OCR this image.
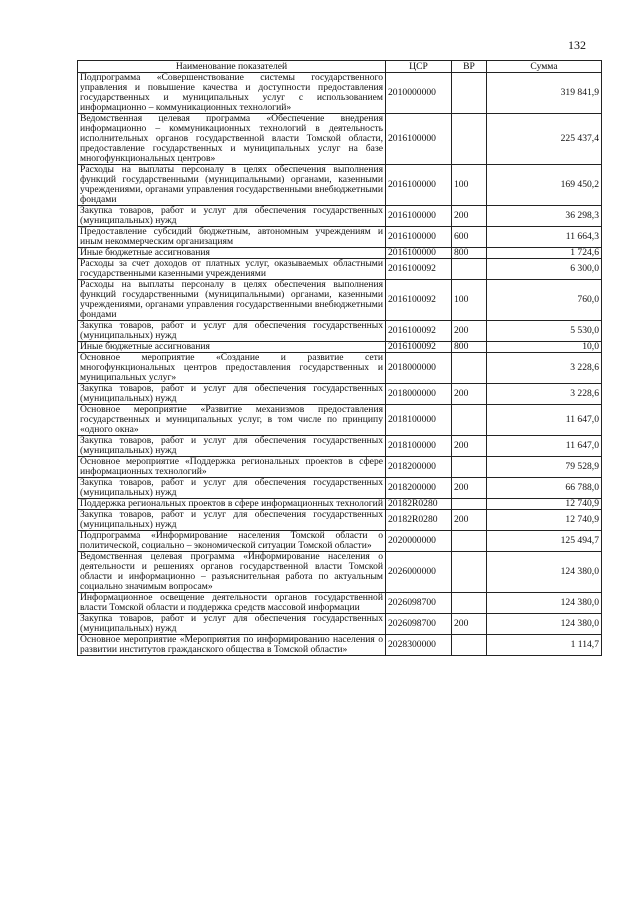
132
Наименование показателей	ЦСР	ВР	Сумма
Подпрограмма «Совершенствование системы государственного управления и повышение качества и доступности предоставления государственных и муниципальных услуг с использованием информационно – коммуникационных технологий»	2010000000		319 841,9
Ведомственная целевая программа «Обеспечение внедрения информационно – коммуникационных технологий в деятельность исполнительных органов государственной власти Томской области, предоставление государственных и муниципальных услуг на базе многофункциональных центров»	2016100000		225 437,4
Расходы на выплаты персоналу в целях обеспечения выполнения функций государственными (муниципальными) органами, казенными учреждениями, органами управления государственными внебюджетными фондами	2016100000	100	169 450,2
Закупка товаров, работ и услуг для обеспечения государственных (муниципальных) нужд	2016100000	200	36 298,3
Предоставление субсидий бюджетным, автономным учреждениям и иным некоммерческим организациям	2016100000	600	11 664,3
Иные бюджетные ассигнования	2016100000	800	1 724,6
Расходы за счет доходов от платных услуг, оказываемых областными государственными казенными учреждениями	2016100092		6 300,0
Расходы на выплаты персоналу в целях обеспечения выполнения функций государственными (муниципальными) органами, казенными учреждениями, органами управления государственными внебюджетными фондами	2016100092	100	760,0
Закупка товаров, работ и услуг для обеспечения государственных (муниципальных) нужд	2016100092	200	5 530,0
Иные бюджетные ассигнования	2016100092	800	10,0
Основное мероприятие «Создание и развитие сети многофункциональных центров предоставления государственных и муниципальных услуг»	2018000000		3 228,6
Закупка товаров, работ и услуг для обеспечения государственных (муниципальных) нужд	2018000000	200	3 228,6
Основное мероприятие «Развитие механизмов предоставления государственных и муниципальных услуг, в том числе по принципу «одного окна»	2018100000		11 647,0
Закупка товаров, работ и услуг для обеспечения государственных (муниципальных) нужд	2018100000	200	11 647,0
Основное мероприятие «Поддержка региональных проектов в сфере информационных технологий»	2018200000		79 528,9
Закупка товаров, работ и услуг для обеспечения государственных (муниципальных) нужд	2018200000	200	66 788,0
Поддержка региональных проектов в сфере информационных технологий	20182R0280		12 740,9
Закупка товаров, работ и услуг для обеспечения государственных (муниципальных) нужд	20182R0280	200	12 740,9
Подпрограмма «Информирование населения Томской области о политической, социально – экономической ситуации Томской области»	2020000000		125 494,7
Ведомственная целевая программа «Информирование населения о деятельности и решениях органов государственной власти Томской области и информационно – разъяснительная работа по актуальным социально значимым вопросам»	2026000000		124 380,0
Информационное освещение деятельности органов государственной власти Томской области и поддержка средств массовой информации	2026098700		124 380,0
Закупка товаров, работ и услуг для обеспечения государственных (муниципальных) нужд	2026098700	200	124 380,0
Основное мероприятие «Мероприятия по информированию населения о развитии институтов гражданского общества в Томской области»	2028300000		1 114,7
